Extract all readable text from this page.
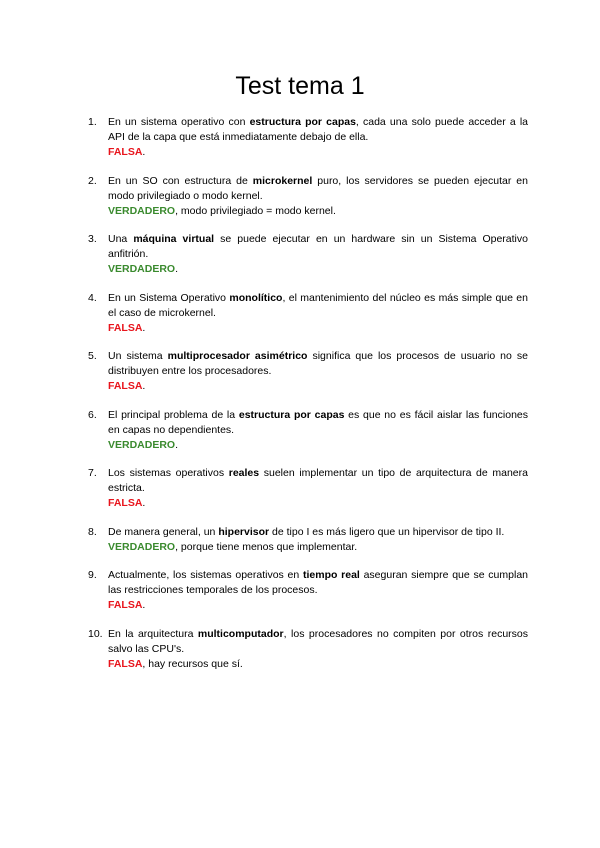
Test tema 1
1.	En un sistema operativo con estructura por capas, cada una solo puede acceder a la API de la capa que está inmediatamente debajo de ella.

FALSA.

2.	En un SO con estructura de microkernel puro, los servidores se pueden ejecutar en modo privilegiado o modo kernel.

VERDADERO, modo privilegiado = modo kernel.

3.	Una máquina virtual se puede ejecutar en un hardware sin un Sistema Operativo anfitrión.

VERDADERO.

4.	En un Sistema Operativo monolítico, el mantenimiento del núcleo es más simple que en el caso de microkernel.

FALSA.

5.	Un sistema multiprocesador asimétrico significa que los procesos de usuario no se distribuyen entre los procesadores.

FALSA.

6.	El principal problema de la estructura por capas es que no es fácil aislar las funciones en capas no dependientes.

VERDADERO.

7.	Los sistemas operativos reales suelen implementar un tipo de arquitectura de manera estricta.

FALSA.

8.	De manera general, un hipervisor de tipo I es más ligero que un hipervisor de tipo II.

VERDADERO, porque tiene menos que implementar.

9.	Actualmente, los sistemas operativos en tiempo real aseguran siempre que se cumplan las restricciones temporales de los procesos.

FALSA.

10. En la arquitectura multicomputador, los procesadores no compiten por otros recursos salvo las CPU's.

FALSA, hay recursos que sí.
